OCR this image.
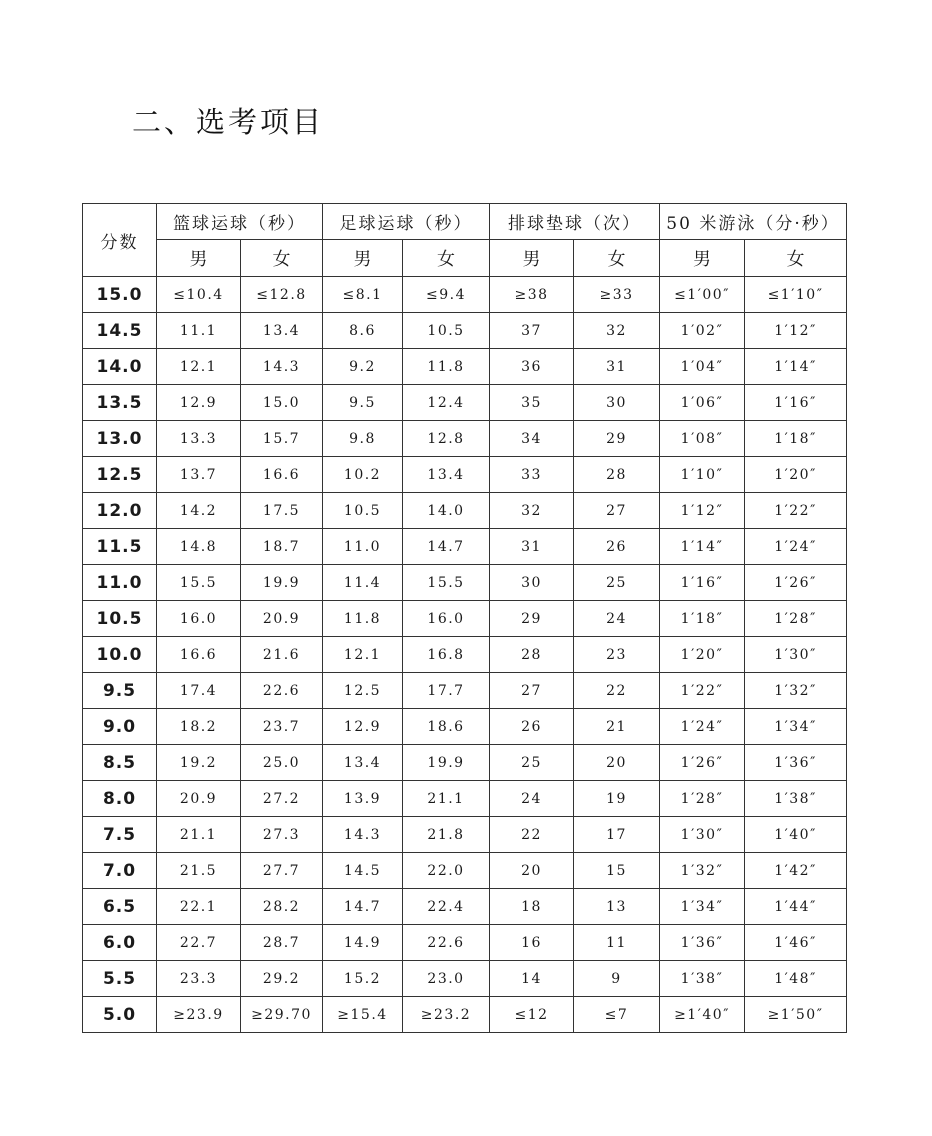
二、选考项目
分数	篮球运球（秒）		足球运球（秒）		排球垫球（次）		50 米游泳（分·秒）	
	男	女	男	女	男	女	男	女
15.0	≤10.4	≤12.8	≤8.1	≤9.4	≥38	≥33	≤1′00″	≤1′10″
14.5	11.1	13.4	8.6	10.5	37	32	1′02″	1′12″
14.0	12.1	14.3	9.2	11.8	36	31	1′04″	1′14″
13.5	12.9	15.0	9.5	12.4	35	30	1′06″	1′16″
13.0	13.3	15.7	9.8	12.8	34	29	1′08″	1′18″
12.5	13.7	16.6	10.2	13.4	33	28	1′10″	1′20″
12.0	14.2	17.5	10.5	14.0	32	27	1′12″	1′22″
11.5	14.8	18.7	11.0	14.7	31	26	1′14″	1′24″
11.0	15.5	19.9	11.4	15.5	30	25	1′16″	1′26″
10.5	16.0	20.9	11.8	16.0	29	24	1′18″	1′28″
10.0	16.6	21.6	12.1	16.8	28	23	1′20″	1′30″
9.5	17.4	22.6	12.5	17.7	27	22	1′22″	1′32″
9.0	18.2	23.7	12.9	18.6	26	21	1′24″	1′34″
8.5	19.2	25.0	13.4	19.9	25	20	1′26″	1′36″
8.0	20.9	27.2	13.9	21.1	24	19	1′28″	1′38″
7.5	21.1	27.3	14.3	21.8	22	17	1′30″	1′40″
7.0	21.5	27.7	14.5	22.0	20	15	1′32″	1′42″
6.5	22.1	28.2	14.7	22.4	18	13	1′34″	1′44″
6.0	22.7	28.7	14.9	22.6	16	11	1′36″	1′46″
5.5	23.3	29.2	15.2	23.0	14	9	1′38″	1′48″
5.0	≥23.9	≥29.70	≥15.4	≥23.2	≤12	≤7	≥1′40″	≥1′50″
